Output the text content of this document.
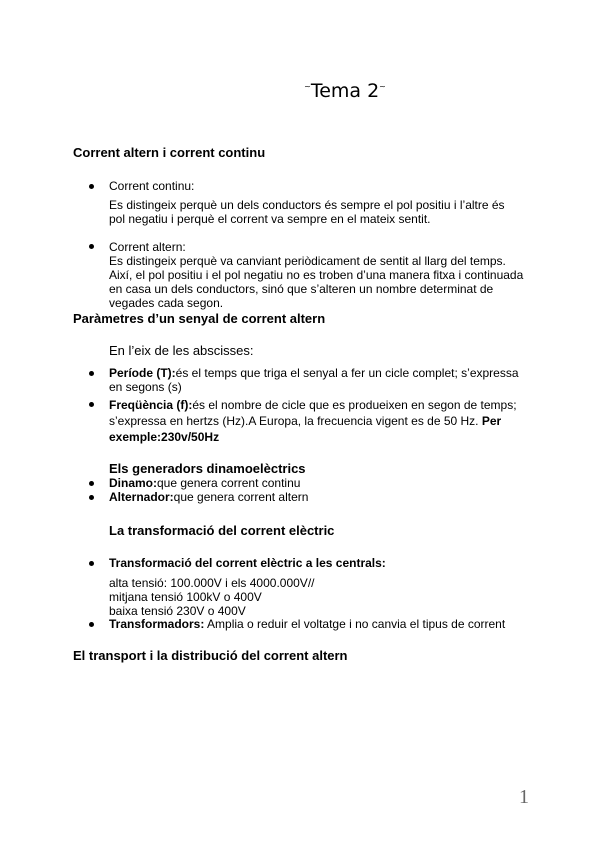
~Tema 2~
Corrent altern i corrent continu
Corrent continu:
Es distingeix perquè un dels conductors és sempre el pol positiu i l’altre és
pol negatiu i perquè el corrent va sempre en el mateix sentit.
Corrent altern:
Es distingeix perquè va canviant periòdicament de sentit al llarg del temps.
Així, el pol positiu i el pol negatiu no es troben d’una manera fitxa i continuada
en casa un dels conductors, sinó que s’alteren un nombre determinat de
vegades cada segon.
Paràmetres d’un senyal de corrent altern
En l’eix de les abscisses:
Període (T):és el temps que triga el senyal a fer un cicle complet; s’expressa
en segons (s)
Freqüència (f):és el nombre de cicle que es produeixen en segon de temps;
s’expressa en hertzs (Hz).A Europa, la frecuencia vigent es de 50 Hz. Per
exemple:230v/50Hz
Els generadors dinamoelèctrics
Dinamo:que genera corrent continu
Alternador:que genera corrent altern
La transformació del corrent elèctric
Transformació del corrent elèctric a les centrals:
alta tensió: 100.000V i els 4000.000V//
mitjana tensió 100kV o 400V
baixa tensió 230V o 400V
Transformadors: Amplia o reduir el voltatge i no canvia el tipus de corrent
El transport i la distribució del corrent altern
1
